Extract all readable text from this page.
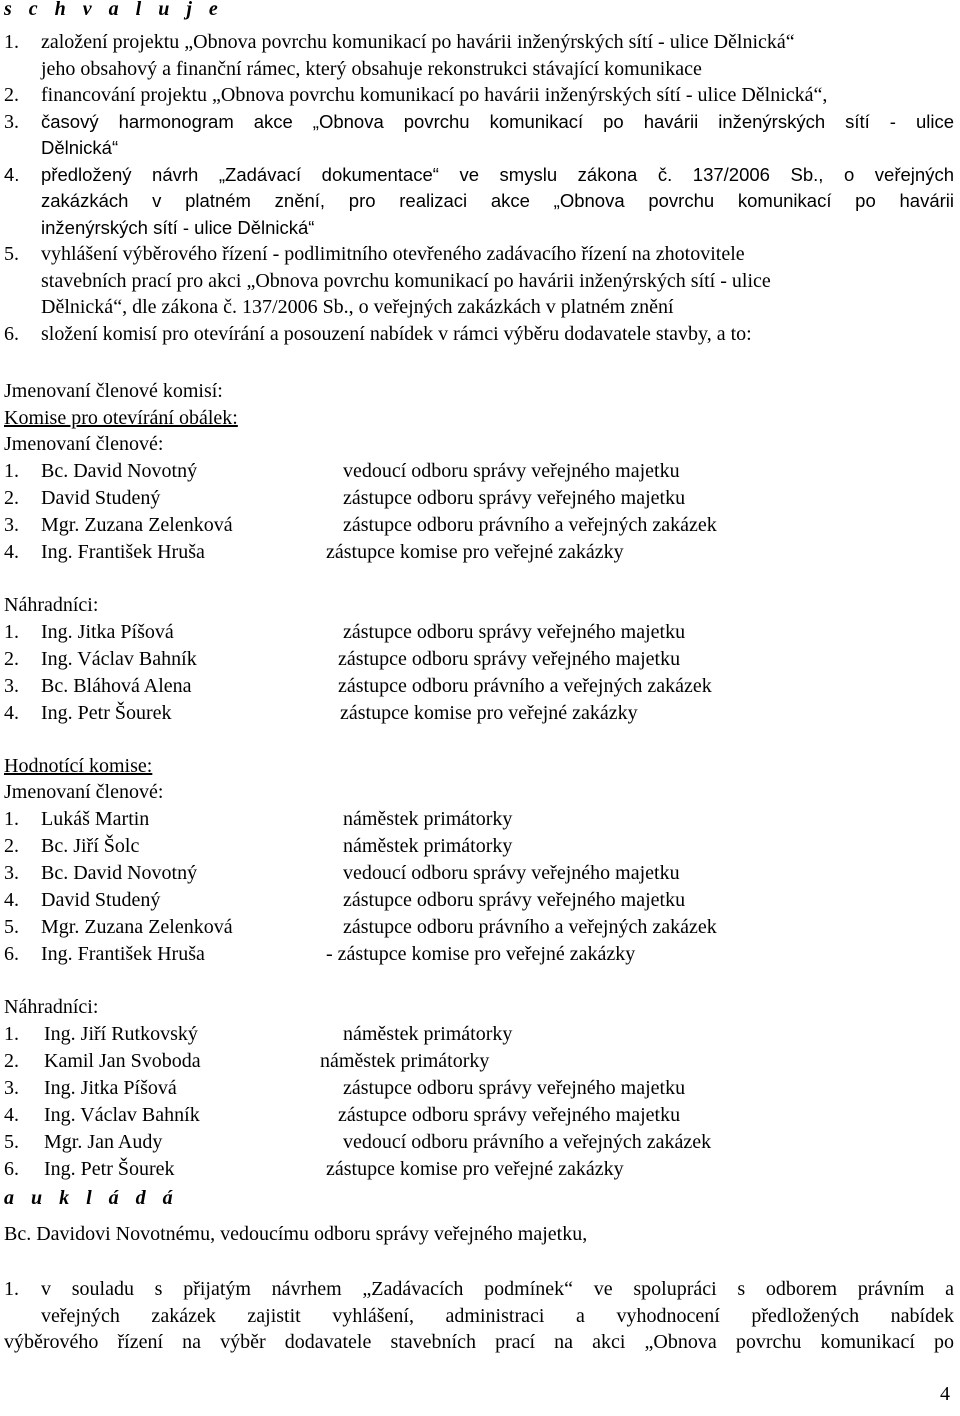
s c h v a l u j e
1.	založení projektu „Obnova povrchu komunikací po havárii inženýrských sítí - ulice Dělnická“

jeho obsahový a finanční rámec, který obsahuje rekonstrukci stávající komunikace

2.	financování projektu „Obnova povrchu komunikací po havárii inženýrských sítí - ulice Dělnická“,

3.	časový harmonogram akce „Obnova povrchu komunikací po havárii inženýrských sítí - ulice

Dělnická“

4.	předložený návrh „Zadávací dokumentace“ ve smyslu zákona č. 137/2006 Sb., o veřejných

zakázkách v platném znění, pro realizaci akce „Obnova povrchu komunikací po havárii

inženýrských sítí - ulice Dělnická“

5.	vyhlášení výběrového řízení - podlimitního otevřeného zadávacího řízení na zhotovitele

stavebních prací pro akci „Obnova povrchu komunikací po havárii inženýrských sítí - ulice

Dělnická“, dle zákona č. 137/2006 Sb., o veřejných zakázkách v platném znění

6.	složení komisí pro otevírání a posouzení nabídek v rámci výběru dodavatele stavby, a to:

Jmenovaní členové komisí:
Komise pro otevírání obálek:
Jmenovaní členové:
1. Bc. David Novotný	vedoucí odboru správy veřejného majetku
2. David Studený	zástupce odboru správy veřejného majetku
3. Mgr. Zuzana Zelenková	zástupce odboru právního a veřejných zakázek
4. Ing. František Hruša	zástupce komise pro veřejné zakázky
Náhradníci:
1. Ing. Jitka Píšová	zástupce odboru správy veřejného majetku
2. Ing. Václav Bahník	zástupce odboru správy veřejného majetku
3. Bc. Bláhová Alena	zástupce odboru právního a veřejných zakázek
4. Ing. Petr Šourek	zástupce komise pro veřejné zakázky
Hodnotící komise:
Jmenovaní členové:
1. Lukáš Martin	náměstek primátorky
2. Bc. Jiří Šolc	náměstek primátorky
3. Bc. David Novotný	vedoucí odboru správy veřejného majetku
4. David Studený	zástupce odboru správy veřejného majetku
5. Mgr. Zuzana Zelenková	zástupce odboru právního a veřejných zakázek
6. Ing. František Hruša	- zástupce komise pro veřejné zakázky
Náhradníci:
1. Ing. Jiří Rutkovský	náměstek primátorky
2. Kamil Jan Svoboda	náměstek primátorky
3. Ing. Jitka Píšová	zástupce odboru správy veřejného majetku
4. Ing. Václav Bahník	zástupce odboru správy veřejného majetku
5. Mgr. Jan Audy	vedoucí odboru právního a veřejných zakázek
6. Ing. Petr Šourek	zástupce komise pro veřejné zakázky
a u k l á d á
Bc. Davidovi Novotnému, vedoucímu odboru správy veřejného majetku,
1.	v souladu s přijatým návrhem „Zadávacích podmínek“ ve spolupráci s odborem právním a

veřejných zakázek zajistit vyhlášení, administraci a vyhodnocení předložených nabídek

výběrového řízení na výběr dodavatele stavebních prací na akci „Obnova povrchu komunikací po

4
